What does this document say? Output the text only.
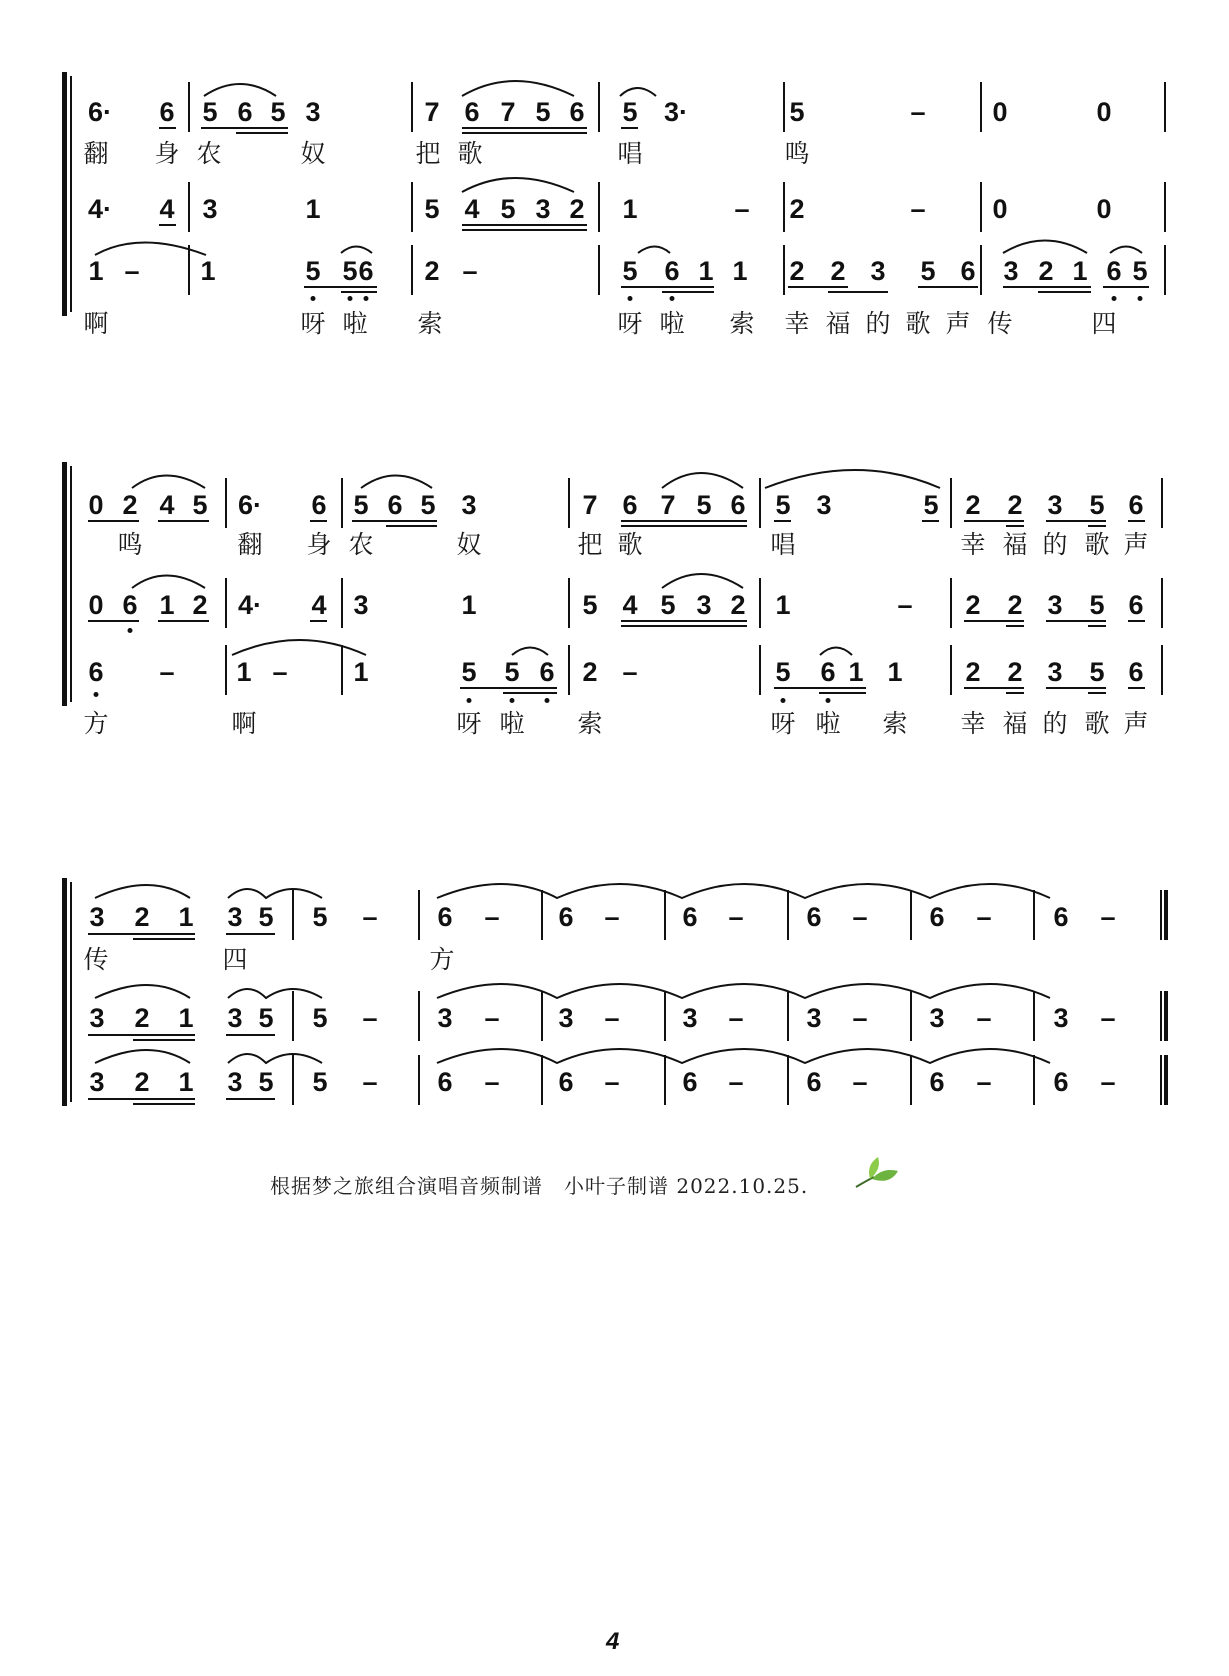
6· 6 5 6 5 3	7 6 7 5 6 5 3·	5	– 0	0
翻 身 农	奴	把 歌	唱	鸣
4· 4 3	1	5 4 5 3 2 1	– 2	– 0	0
1 – 1	5 5 6 2 –	5 6 1 1 2 2 3 5 6 3 2 1 6 5
啊	呀 啦 索	呀 啦 索 幸 福 的 歌 声 传	四
0 2 4 5 6· 6 5 6 5 3	7 6 7 5 6 5 3	5 2 2 3 5 6
鸣	翻 身 农	奴	把 歌	唱	幸 福 的 歌 声
0 6 1 2 4· 4 3	1	5 4 5 3 2 1	– 2 2 3 5 6
6 – 1 – 1	5 5 6 2 –	5 6 1 1 2 2 3 5 6
方	啊	呀 啦 索	呀 啦 索 幸 福 的 歌 声
3 2 1 3 5 5 – 6 – 6 – 6 – 6 – 6 – 6 –
传	四	方
3 2 1 3 5 5 – 3 – 3 – 3 – 3 – 3 – 3 –
3 2 1 3 5 5 – 6 – 6 – 6 – 6 – 6 – 6 –
根据梦之旅组合演唱音频制谱　 小叶子制谱 2022.10.25.
4
